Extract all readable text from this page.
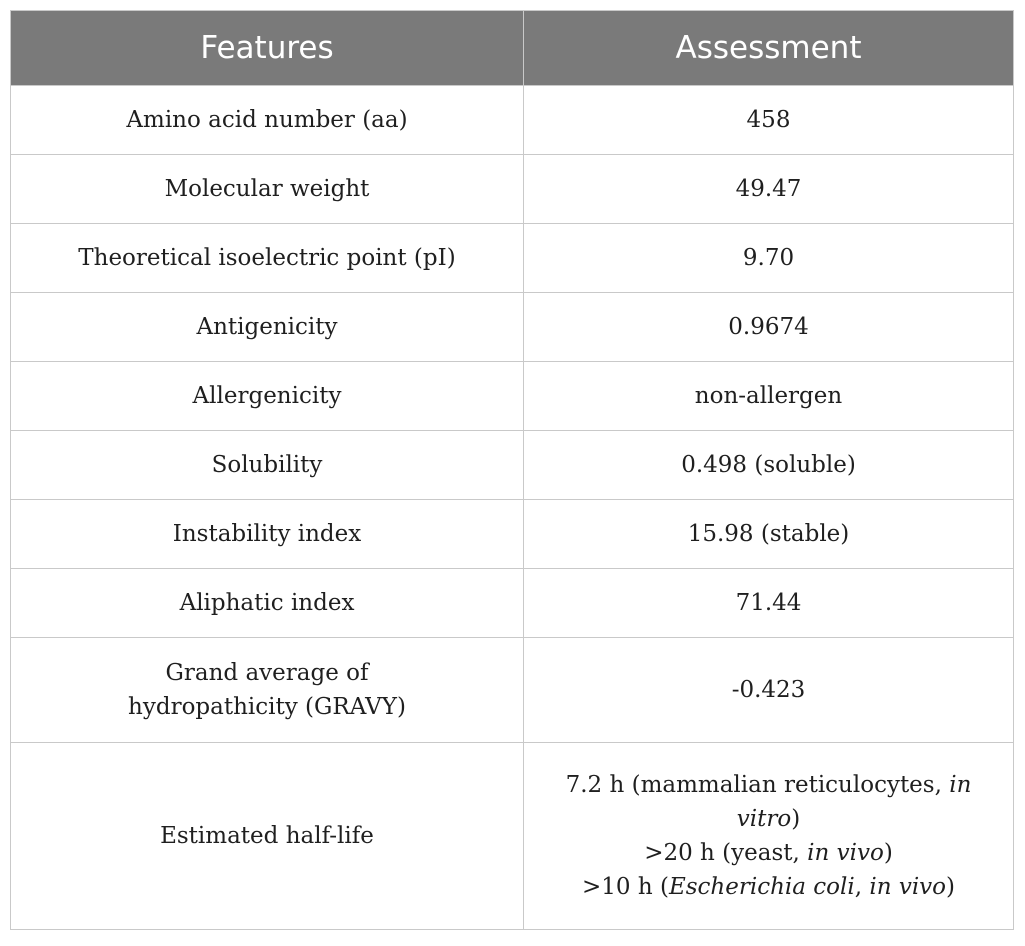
Features	Assessment
Amino acid number (aa)	458
Molecular weight	49.47
Theoretical isoelectric point (pI)	9.70
Antigenicity	0.9674
Allergenicity	non-allergen
Solubility	0.498 (soluble)
Instability index	15.98 (stable)
Aliphatic index	71.44

Grand average of
hydropathicity (GRAVY)	-0.423
Estimated half-life	7.2 h (mammalian reticulocytes, in
vitro)
>20 h (yeast, in vivo)
>10 h (Escherichia coli, in vivo)
